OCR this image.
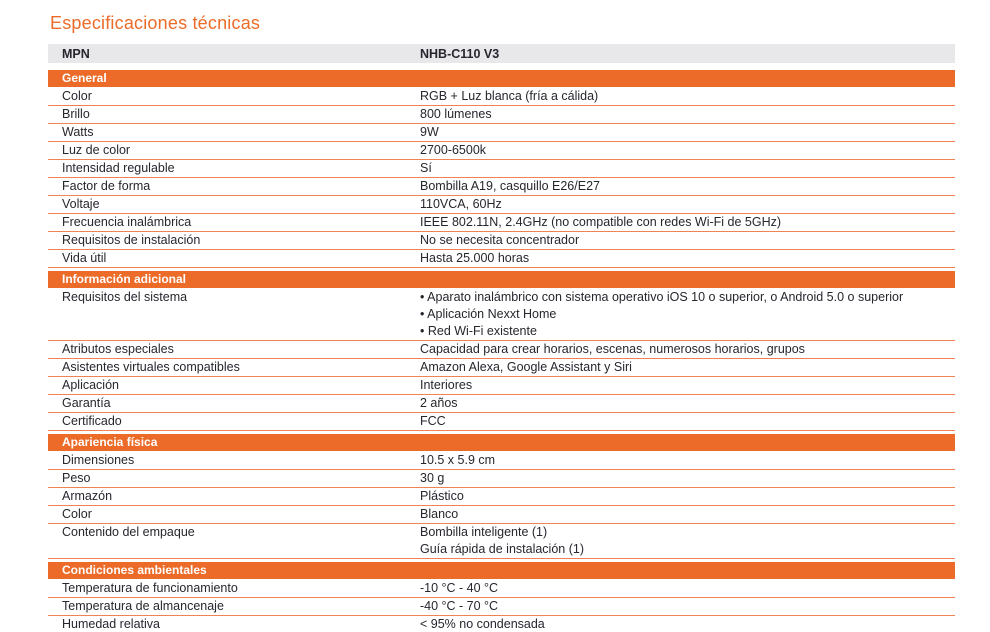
Especificaciones técnicas
MPN	NHB-C110 V3
General
Color	RGB + Luz blanca (fría a cálida)
Brillo	800 lúmenes
Watts	9W
Luz de color	2700-6500k
Intensidad regulable	Sí
Factor de forma	Bombilla A19, casquillo E26/E27
Voltaje	110VCA, 60Hz
Frecuencia inalámbrica	IEEE 802.11N, 2.4GHz (no compatible con redes Wi-Fi de 5GHz)
Requisitos de instalación	No se necesita concentrador
Vida útil	Hasta 25.000 horas
Información adicional
Requisitos del sistema	• Aparato inalámbrico con sistema operativo iOS 10 o superior, o Android 5.0 o superior
• Aplicación Nexxt Home
• Red Wi-Fi existente
Atributos especiales	Capacidad para crear horarios, escenas, numerosos horarios, grupos
Asistentes virtuales compatibles	Amazon Alexa, Google Assistant y Siri
Aplicación	Interiores
Garantía	2 años
Certificado	FCC
Apariencia física
Dimensiones	10.5 x 5.9 cm
Peso	30 g
Armazón	Plástico
Color	Blanco
Contenido del empaque	Bombilla inteligente (1)
Guía rápida de instalación (1)
Condiciones ambientales
Temperatura de funcionamiento	-10 °C - 40 °C
Temperatura de almancenaje	-40 °C - 70 °C
Humedad relativa	< 95% no condensada
